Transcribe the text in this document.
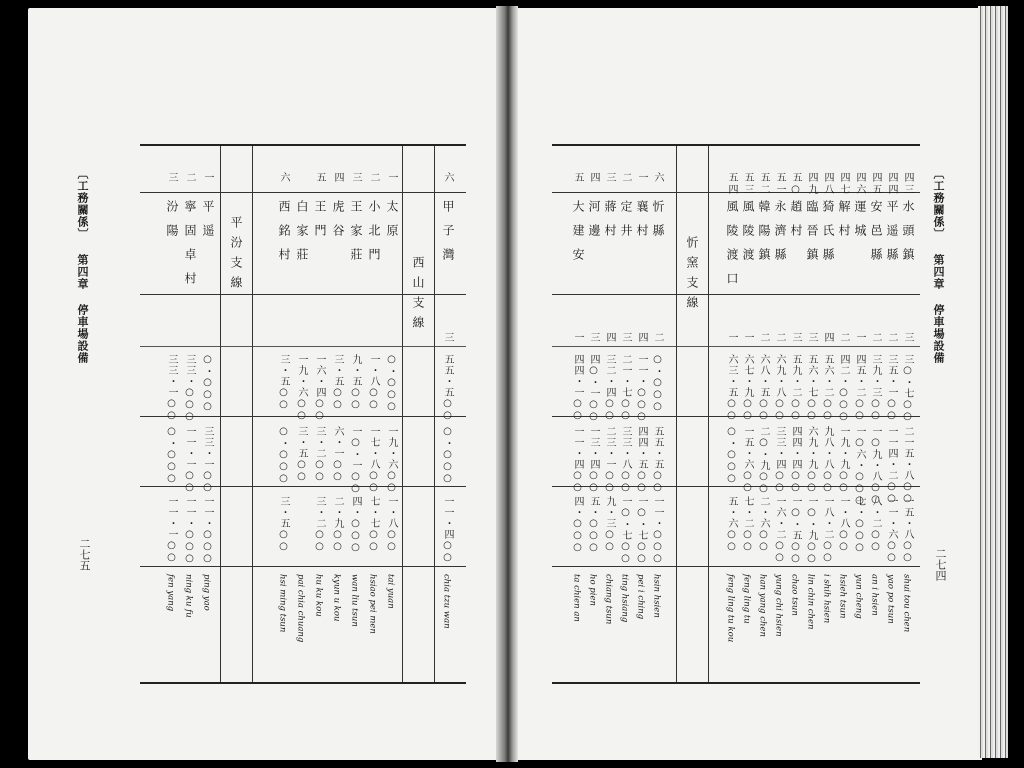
〔工務關係〕 第四章 停車場設備
二七五
平汾支線	西山支線
一
平遥
○・○○○
三三・一○○
一一・○○○
ping yao
二
寧固卓村
三三・○○○
一一・一○○
一一・○○○
ning ku fu
三
汾陽
三三・一○○
○・○○○
一一・一○○
fen yang
一
太原
○・○○○
一九・六○○
一・八○○
tai yuan
二
小北門
一・八○○
一七・八○○
七・七○○
hsiao pei men
三
王家莊
九・五○○
一○・一○○
四・○○○
wan liu tsun
四
虎谷
三・五○○
六・一○○
二・九○○
kyun u kou
五
王門
一六・四○○
三・二○○
三・二○○
hu ku kou
白家莊
一九・六○○
三・五○○
pai chia chuang
六
西銘村
三・五○○
○・○○○
三・五○○
hsi ming tsun
六
甲子灣
三
五五・五○○
○・○○○
一一・四○○
chia tzu wan
〔工務關係〕 第四章 停車場設備
二七四
忻窯支線
六
忻縣
二
○・○○○
五五・五○○
一一・○○○
hsin hsien
一
襄村
四
一一・○○○
四四・五○○
一○・七○○
pei i ching
二
定井
三
二一・七○○
三三・八○○
一○・七○○
ting hsiang
三
蔣村
四
三二・四○○
二三・一○○
九・三○○
chiang tsun
四
河邊
三
四○・一○○
一三・四○○
五・○○○
ho pien
五
大建安
一
四四・一○○
一一・四○○
四・○○○
ta chien an
四三
水頭鎮
三
三○・七○○
二一五・八○○
一五・八○○
shui tou chen
四四
平遥縣
二
三五・一○○
一一四・二○○
一一・六○○
yao po tsun
四五
安邑縣
二
三九・三○○
一○九・八○○
八・二○○
an i hsien
四六
運城
一
四五・二○○
一○六・○○○
七・○○○
yun cheng
四七
解村
二
四二・○○○
一九・九○○
一・八○○
hsieh tsun
四八
猗氏縣
四
五六・二○○
九八・八○○
一八・二○○
i shih hsien
四九
臨晉鎮
三
五六・七○○
六九・九○○
一○・九○○
lin chin chen
五○
趙村
三
五九・二○○
四四・四○○
一○・五○○
chao tsun
五一
永濟縣
二
六九・八○○
三三・四○○
一六・二○○
yung chi hsien
五二
韓陽鎮
二
六八・五○○
二○・九○○
二・六○○
han yang chen
五三
風陵渡
一
六七・九○○
一五・六○○
七・二○○
feng ling tu
五四
風陵渡口
一
六三・五○○
○・○○○
五・六○○
feng ling tu kou
